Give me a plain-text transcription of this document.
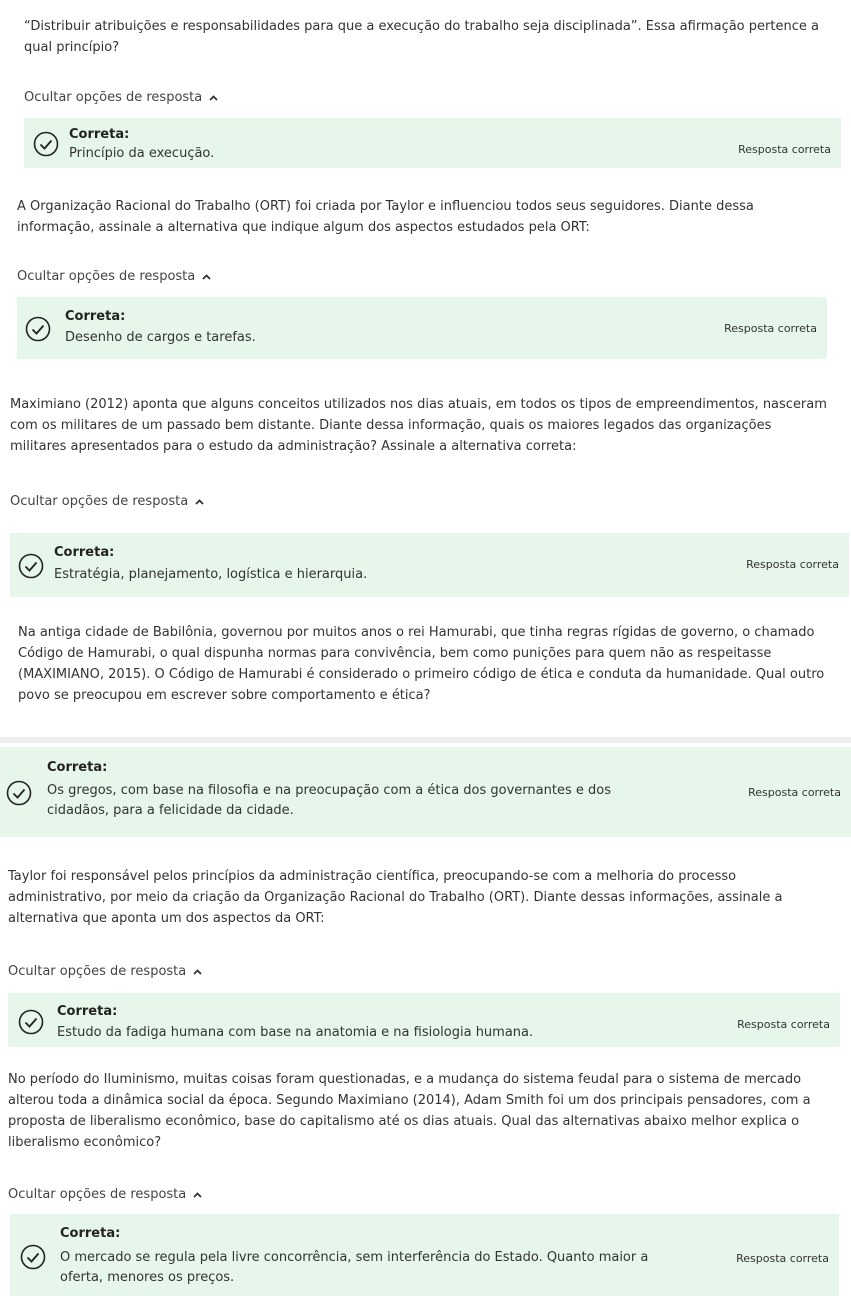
“Distribuir atribuições e responsabilidades para que a execução do trabalho seja disciplinada”. Essa afirmação pertence a qual princípio?

Ocultar opções de resposta
Correta:
Princípio da execução.	Resposta correta

A Organização Racional do Trabalho (ORT) foi criada por Taylor e influenciou todos seus seguidores. Diante dessa informação, assinale a alternativa que indique algum dos aspectos estudados pela ORT:

Ocultar opções de resposta
Correta:
Desenho de cargos e tarefas.
Resposta correta

Maximiano (2012) aponta que alguns conceitos utilizados nos dias atuais, em todos os tipos de empreendimentos, nasceram com os militares de um passado bem distante. Diante dessa informação, quais os maiores legados das organizações militares apresentados para o estudo da administração? Assinale a alternativa correta:

Ocultar opções de resposta
Correta:
Estratégia, planejamento, logística e hierarquia.
Resposta correta

Na antiga cidade de Babilônia, governou por muitos anos o rei Hamurabi, que tinha regras rígidas de governo, o chamado Código de Hamurabi, o qual dispunha normas para convivência, bem como punições para quem não as respeitasse (MAXIMIANO, 2015). O Código de Hamurabi é considerado o primeiro código de ética e conduta da humanidade. Qual outro povo se preocupou em escrever sobre comportamento e ética?

Correta:
Os gregos, com base na filosofia e na preocupação com a ética dos governantes e dos cidadãos, para a felicidade da cidade.
Resposta correta

Taylor foi responsável pelos princípios da administração científica, preocupando-se com a melhoria do processo administrativo, por meio da criação da Organização Racional do Trabalho (ORT). Diante dessas informações, assinale a alternativa que aponta um dos aspectos da ORT:

Ocultar opções de resposta
Correta:
Estudo da fadiga humana com base na anatomia e na fisiologia humana.
Resposta correta

No período do Iluminismo, muitas coisas foram questionadas, e a mudança do sistema feudal para o sistema de mercado alterou toda a dinâmica social da época. Segundo Maximiano (2014), Adam Smith foi um dos principais pensadores, com a proposta de liberalismo econômico, base do capitalismo até os dias atuais. Qual das alternativas abaixo melhor explica o liberalismo econômico?

Ocultar opções de resposta
Correta:
O mercado se regula pela livre concorrência, sem interferência do Estado. Quanto maior a oferta, menores os preços.
Resposta correta
